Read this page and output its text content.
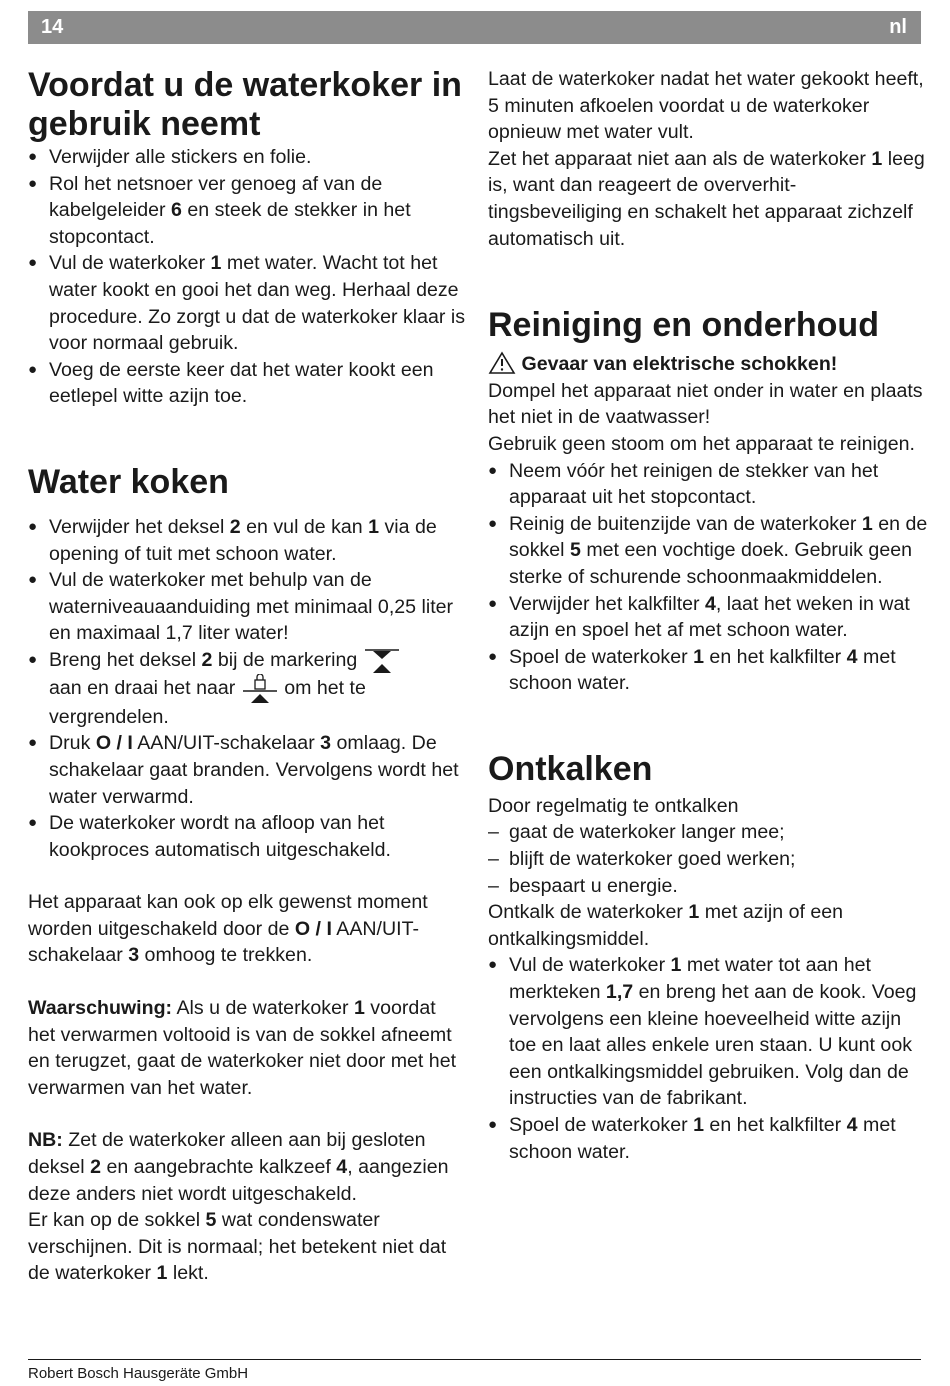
14	nl
Voordat u de waterkoker in gebruik neemt
● Verwijder alle stickers en folie.
● Rol het netsnoer ver genoeg af van de kabelgeleider 6 en steek de stekker in het stopcontact.
● Vul de waterkoker 1 met water. Wacht tot het water kookt en gooi het dan weg. Herhaal deze procedure. Zo zorgt u dat de waterkoker klaar is voor normaal gebruik.
● Voeg de eerste keer dat het water kookt een eetlepel witte azijn toe.
Water koken
● Verwijder het deksel 2 en vul de kan 1 via de opening of tuit met schoon water.
● Vul de waterkoker met behulp van de waterniveauaanduiding met minimaal 0,25 liter en maximaal 1,7 liter water!
● Breng het deksel 2 bij de markering
aan en draai het naar om het te vergrendelen.
● Druk O / I AAN/UIT-schakelaar 3 omlaag. De schakelaar gaat branden. Vervolgens wordt het water verwarmd.
● De waterkoker wordt na afloop van het kookproces automatisch uitgeschakeld.

Het apparaat kan ook op elk gewenst moment worden uitgeschakeld door de O / I AAN/UIT-schakelaar 3 omhoog te trekken.

Waarschuwing: Als u de waterkoker 1 voordat het verwarmen voltooid is van de sokkel afneemt en terugzet, gaat de waterkoker niet door met het verwarmen van het water.

NB: Zet de waterkoker alleen aan bij gesloten deksel 2 en aangebrachte kalkzeef 4, aangezien deze anders niet wordt uitgeschakeld.

Er kan op de sokkel 5 wat condenswater verschijnen. Dit is normaal; het betekent niet dat de waterkoker 1 lekt.

Laat de waterkoker nadat het water gekookt heeft, 5 minuten afkoelen voordat u de waterkoker opnieuw met water vult.

Zet het apparaat niet aan als de waterkoker 1 leeg is, want dan reageert de oververhit-tingsbeveiliging en schakelt het apparaat zichzelf automatisch uit.

Reiniging en onderhoud

Gevaar van elektrische schokken!

Dompel het apparaat niet onder in water en plaats het niet in de vaatwasser!

Gebruik geen stoom om het apparaat te reinigen.

● Neem vóór het reinigen de stekker van het apparaat uit het stopcontact.
● Reinig de buitenzijde van de waterkoker 1 en de sokkel 5 met een vochtige doek. Gebruik geen sterke of schurende schoonmaakmiddelen.
● Verwijder het kalkfilter 4, laat het weken in wat azijn en spoel het af met schoon water.
● Spoel de waterkoker 1 en het kalkfilter 4 met schoon water.
Ontkalken

Door regelmatig te ontkalken

– gaat de waterkoker langer mee;
– blijft de waterkoker goed werken;
– bespaart u energie.

Ontkalk de waterkoker 1 met azijn of een ontkalkingsmiddel.

● Vul de waterkoker 1 met water tot aan het merkteken 1,7 en breng het aan de kook. Voeg vervolgens een kleine hoeveelheid witte azijn toe en laat alles enkele uren staan. U kunt ook een ontkalkingsmiddel gebruiken. Volg dan de instructies van de fabrikant.
● Spoel de waterkoker 1 en het kalkfilter 4 met schoon water.
Robert Bosch Hausgeräte GmbH
